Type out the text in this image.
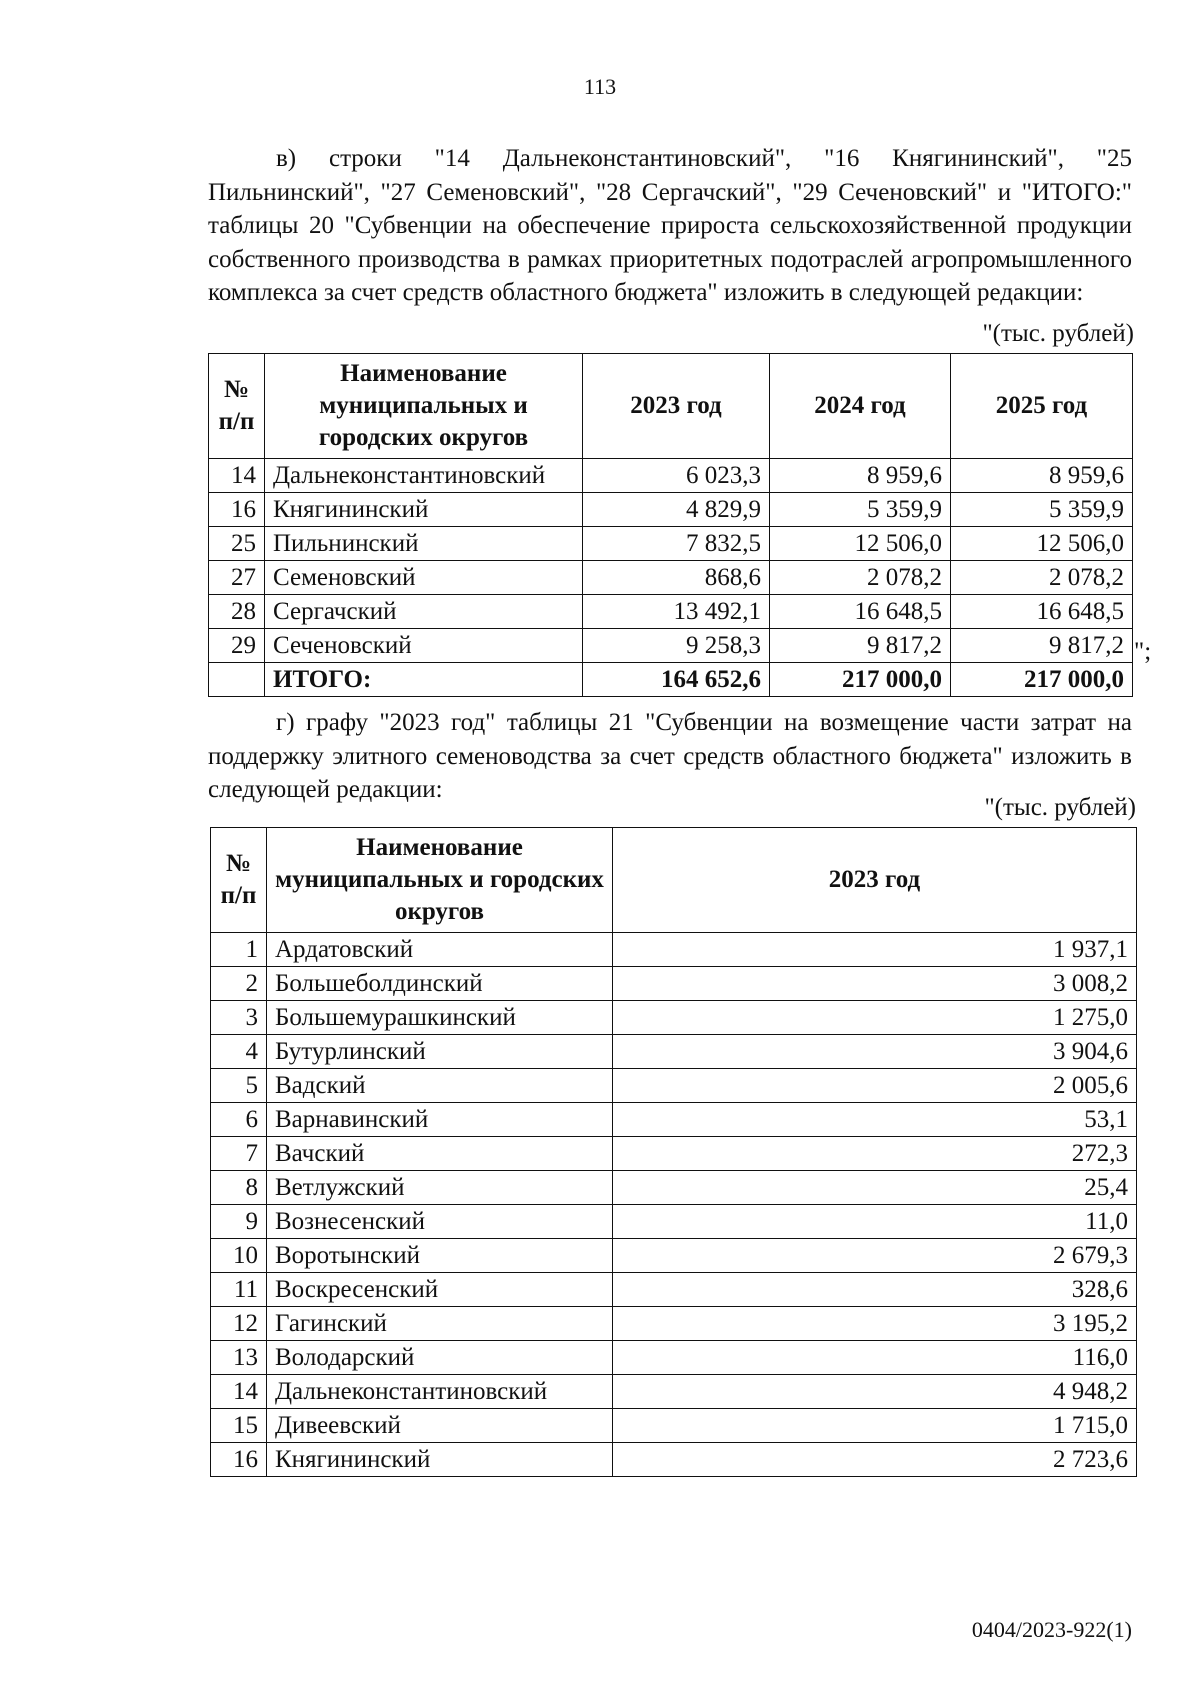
113

в) строки "14 Дальнеконстантиновский", "16 Княгининский", "25 Пильнинский", "27 Семеновский", "28 Сергачский", "29 Сеченовский" и "ИТОГО:" таблицы 20 "Субвенции на обеспечение прироста сельскохозяйственной продукции собственного производства в рамках приоритетных подотраслей агропромышленного комплекса за счет средств областного бюджета" изложить в следующей редакции:

"(тыс. рублей)
№ п/п	Наименование муниципальных и городских округов	2023 год	2024 год	2025 год
14	Дальнеконстантиновский	6 023,3	8 959,6	8 959,6
16	Княгининский	4 829,9	5 359,9	5 359,9
25	Пильнинский	7 832,5	12 506,0	12 506,0
27	Семеновский	868,6	2 078,2	2 078,2
28	Сергачский	13 492,1	16 648,5	16 648,5
29	Сеченовский	9 258,3	9 817,2	9 817,2
	ИТОГО:	164 652,6	217 000,0	217 000,0
";

г) графу "2023 год" таблицы 21 "Субвенции на возмещение части затрат на поддержку элитного семеноводства за счет средств областного бюджета" изложить в следующей редакции:

"(тыс. рублей)
№ п/п	Наименование муниципальных и городских округов	2023 год
1	Ардатовский	1 937,1
2	Большеболдинский	3 008,2
3	Большемурашкинский	1 275,0
4	Бутурлинский	3 904,6
5	Вадский	2 005,6
6	Варнавинский	53,1
7	Вачский	272,3
8	Ветлужский	25,4
9	Вознесенский	11,0
10	Воротынский	2 679,3
11	Воскресенский	328,6
12	Гагинский	3 195,2
13	Володарский	116,0
14	Дальнеконстантиновский	4 948,2
15	Дивеевский	1 715,0
16	Княгининский	2 723,6
0404/2023-922(1)
